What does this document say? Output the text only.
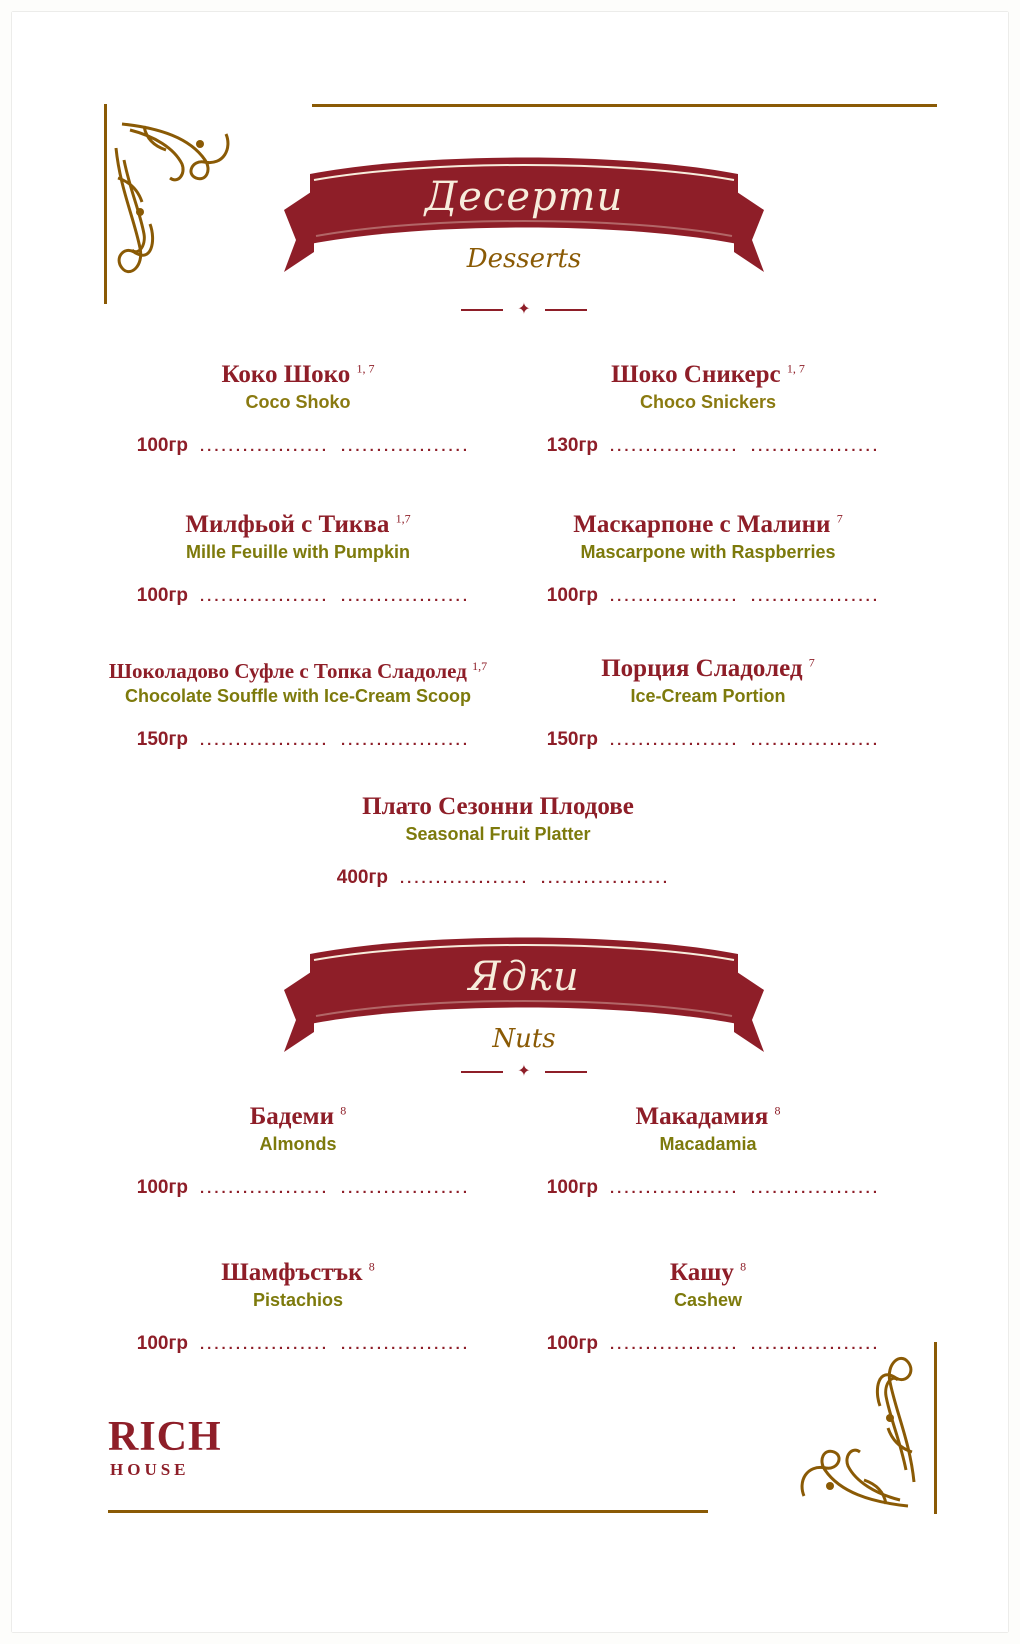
Десерти
Desserts
✦
Коко Шоко $^{1, 7}$
Coco Shoko
100гр .................. ..................
Шоко Сникерс $^{1, 7}$
Choco Snickers
130гр .................. ..................
Милфьой с Тиква $^{1,7}$
Mille Feuille with Pumpkin
100гр .................. ..................
Маскарпоне с Малини $^7$
Mascarpone with Raspberries
100гр .................. ..................
Шоколадово Суфле с Топка Сладолед $^{1,7}$
Chocolate Souffle with Ice-Cream Scoop
150гр .................. ..................
Порция Сладолед $^7$
Ice-Cream Portion
150гр .................. ..................
Плато Сезонни Плодове
Seasonal Fruit Platter
400гр .................. ..................
Ядки
Nuts
✦
Бадеми $^8$
Almonds
100гр .................. ..................
Макадамия $^8$
Macadamia
100гр .................. ..................
Шамфъстък $^8$
Pistachios
100гр .................. ..................
Кашу $^8$
Cashew
100гр .................. ..................
RICH
HOUSE
